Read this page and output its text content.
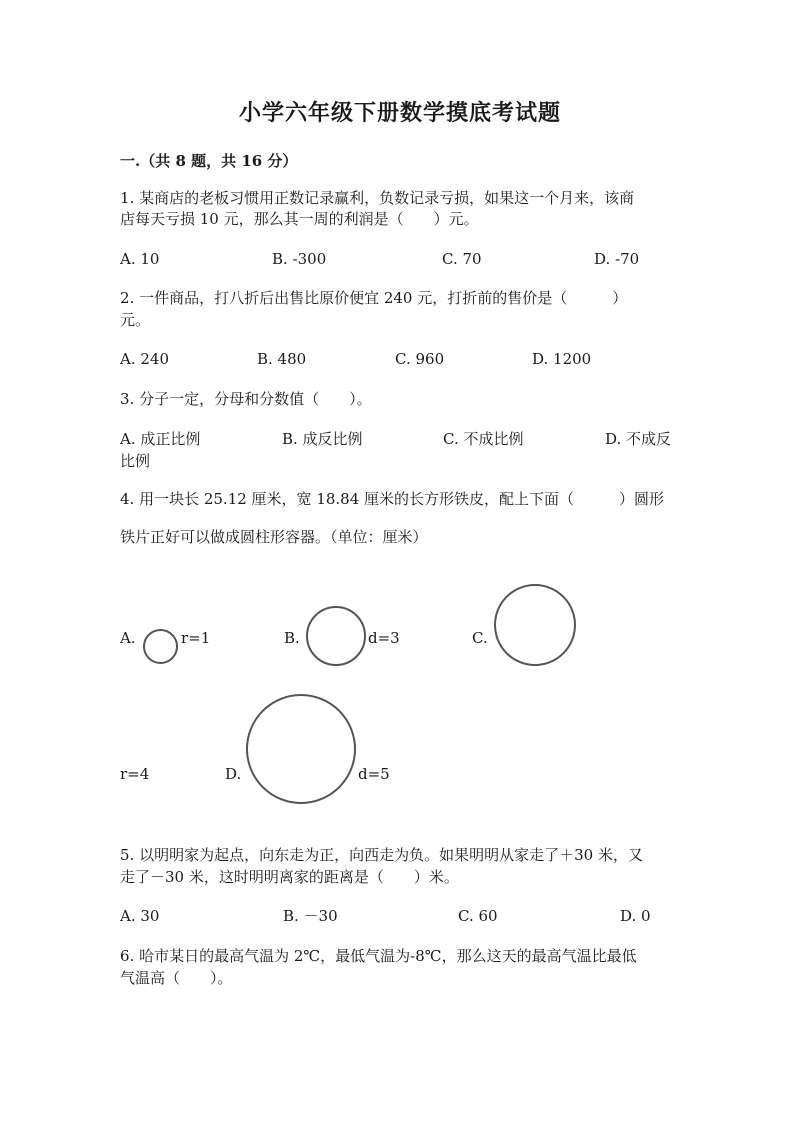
小学六年级下册数学摸底考试题
一.（共 8 题，共 16 分）
1. 某商店的老板习惯用正数记录赢利，负数记录亏损，如果这一个月来，该商
店每天亏损 10 元，那么其一周的利润是（　　）元。
A. 10	B. -300	C. 70	D. -70
2. 一件商品，打八折后出售比原价便宜 240 元，打折前的售价是（　　　）
元。
A. 240	B. 480	C. 960	D. 1200
3. 分子一定，分母和分数值（　　）。
A. 成正比例	B. 成反比例	C. 不成比例	D. 不成反
比例
4. 用一块长 25.12 厘米，宽 18.84 厘米的长方形铁皮，配上下面（　　　）圆形
铁片正好可以做成圆柱形容器。（单位：厘米）
A.	r=1	B.	d=3	C.
r=4	D.	d=5
5. 以明明家为起点，向东走为正，向西走为负。如果明明从家走了＋30 米，又
走了－30 米，这时明明离家的距离是（　　）米。
A. 30	B. －30	C. 60	D. 0
6. 哈市某日的最高气温为 2℃，最低气温为-8℃，那么这天的最高气温比最低
气温高（　　）。
